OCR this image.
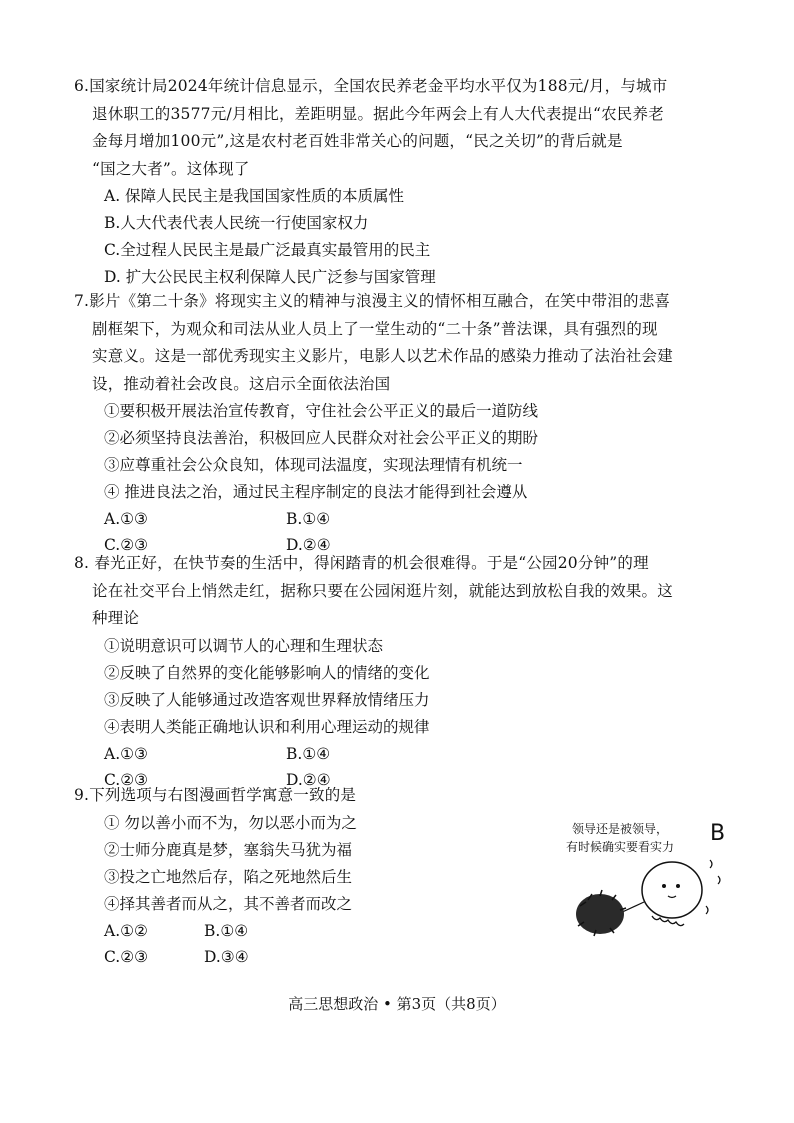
6.国家统计局2024年统计信息显示，全国农民养老金平均水平仅为188元/月，与城市
退休职工的3577元/月相比，差距明显。据此今年两会上有人大代表提出“农民养老
金每月增加100元”,这是农村老百姓非常关心的问题，“民之关切”的背后就是
“国之大者”。这体现了
A. 保障人民民主是我国国家性质的本质属性
B.人大代表代表人民统一行使国家权力
C.全过程人民民主是最广泛最真实最管用的民主
D. 扩大公民民主权利保障人民广泛参与国家管理
7.影片《第二十条》将现实主义的精神与浪漫主义的情怀相互融合，在笑中带泪的悲喜
剧框架下，为观众和司法从业人员上了一堂生动的“二十条”普法课，具有强烈的现
实意义。这是一部优秀现实主义影片，电影人以艺术作品的感染力推动了法治社会建
设，推动着社会改良。这启示全面依法治国
①要积极开展法治宣传教育，守住社会公平正义的最后一道防线
②必须坚持良法善治，积极回应人民群众对社会公平正义的期盼
③应尊重社会公众良知，体现司法温度，实现法理情有机统一
④ 推进良法之治，通过民主程序制定的良法才能得到社会遵从
A.①③	B.①④
C.②③	D.②④
8. 春光正好，在快节奏的生活中，得闲踏青的机会很难得。于是“公园20分钟”的理
论在社交平台上悄然走红，据称只要在公园闲逛片刻，就能达到放松自我的效果。这
种理论
①说明意识可以调节人的心理和生理状态
②反映了自然界的变化能够影响人的情绪的变化
③反映了人能够通过改造客观世界释放情绪压力
④表明人类能正确地认识和利用心理运动的规律
A.①③	B.①④
C.②③	D.②④
9.下列选项与右图漫画哲学寓意一致的是
① 勿以善小而不为，勿以恶小而为之
②士师分鹿真是梦，塞翁失马犹为福
③投之亡地然后存，陷之死地然后生
④择其善者而从之，其不善者而改之
A.①②	B.①④
C.②③	D.③④
领导还是被领导，
有时候确实要看实力
B
高三思想政治 • 第3页（共8页）
